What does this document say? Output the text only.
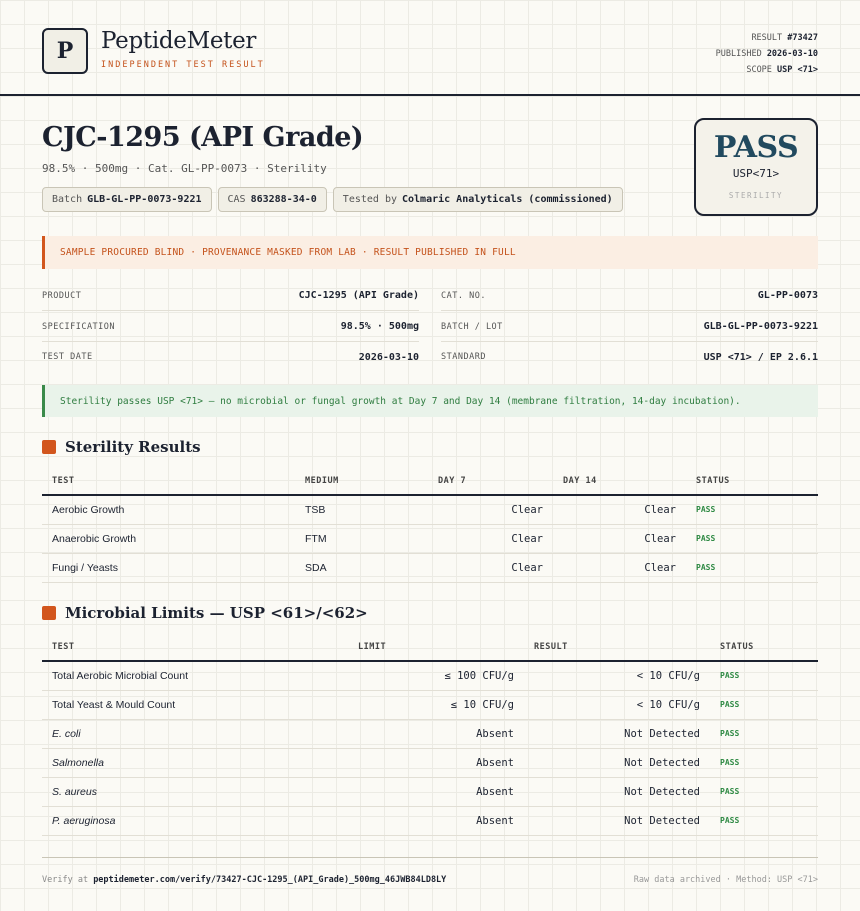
P	PeptideMeter
INDEPENDENT TEST RESULT
RESULT #73427
PUBLISHED 2026-03-10
SCOPE USP <71>
CJC-1295 (API Grade)
98.5% · 500mg · Cat. GL-PP-0073 · Sterility
Batch GLB-GL-PP-0073-9221	CAS 863288-34-0	Tested by Colmaric Analyticals (commissioned)
PASS
USP<71>
STERILITY
SAMPLE PROCURED BLIND · PROVENANCE MASKED FROM LAB · RESULT PUBLISHED IN FULL
PRODUCT	CJC-1295 (API Grade)	CAT. NO.	GL-PP-0073
SPECIFICATION	98.5% · 500mg	BATCH / LOT	GLB-GL-PP-0073-9221
TEST DATE	2026-03-10	STANDARD	USP <71> / EP 2.6.1
Sterility passes USP <71> — no microbial or fungal growth at Day 7 and Day 14 (membrane filtration, 14-day incubation).
Sterility Results
TEST	MEDIUM	DAY 7	DAY 14	STATUS
Aerobic Growth	TSB	Clear	Clear	PASS
Anaerobic Growth	FTM	Clear	Clear	PASS
Fungi / Yeasts	SDA	Clear	Clear	PASS
Microbial Limits — USP <61>/<62>
TEST	LIMIT	RESULT	STATUS
Total Aerobic Microbial Count	≤ 100 CFU/g	< 10 CFU/g	PASS
Total Yeast & Mould Count	≤ 10 CFU/g	< 10 CFU/g	PASS
E. coli	Absent	Not Detected	PASS
Salmonella	Absent	Not Detected	PASS
S. aureus	Absent	Not Detected	PASS
P. aeruginosa	Absent	Not Detected	PASS
Verify at peptidemeter.com/verify/73427-CJC-1295_(API_Grade)_500mg_46JWB84LD8LY	Raw data archived · Method: USP <71>
